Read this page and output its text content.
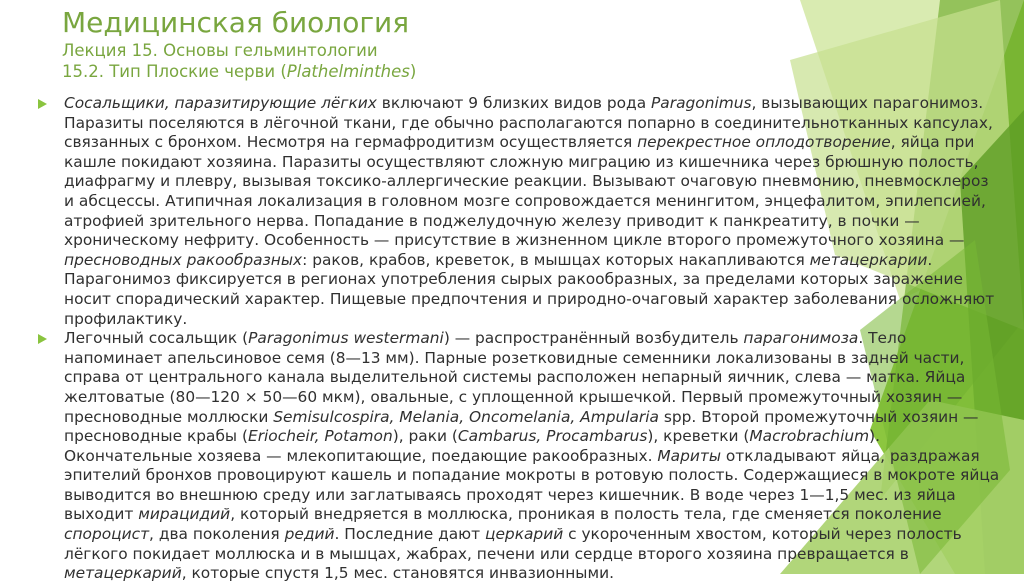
Медицинская биология
Лекция 15. Основы гельминтологии
15.2. Тип Плоские черви (Plathelminthes)
Сосальщики, паразитирующие лёгких включают 9 близких видов рода Paragonimus, вызывающих парагонимоз. Паразиты поселяются в лёгочной ткани, где обычно располагаются попарно в соединительнотканных капсулах, связанных с бронхом. Несмотря на гермафродитизм осуществляется перекрестное оплодотворение, яйца при кашле покидают хозяина. Паразиты осуществляют сложную миграцию из кишечника через брюшную полость, диафрагму и плевру, вызывая токсико-аллергические реакции. Вызывают очаговую пневмонию, пневмосклероз и абсцессы. Атипичная локализация в головном мозге сопровождается менингитом, энцефалитом, эпилепсией, атрофией зрительного нерва. Попадание в поджелудочную железу приводит к панкреатиту, в почки — хроническому нефриту. Особенность — присутствие в жизненном цикле второго промежуточного хозяина — пресноводных ракообразных: раков, крабов, креветок, в мышцах которых накапливаются метацеркарии. Парагонимоз фиксируется в регионах употребления сырых ракообразных, за пределами которых заражение носит спорадический характер. Пищевые предпочтения и природно-очаговый характер заболевания осложняют профилактику.
Легочный сосальщик (Paragonimus westermani) — распространённый возбудитель парагонимоза. Тело напоминает апельсиновое семя (8—13 мм). Парные розетковидные семенники локализованы в задней части, справа от центрального канала выделительной системы расположен непарный яичник, слева — матка. Яйца желтоватые (80—120 × 50—60 мкм), овальные, с уплощенной крышечкой. Первый промежуточный хозяин — пресноводные моллюски Semisulcospira, Melania, Oncomelania, Ampularia spp. Второй промежуточный хозяин — пресноводные крабы (Eriocheir, Potamon), раки (Cambarus, Procambarus), креветки (Macrobrachium). Окончательные хозяева — млекопитающие, поедающие ракообразных. Мариты откладывают яйца, раздражая эпителий бронхов провоцируют кашель и попадание мокроты в ротовую полость. Содержащиеся в мокроте яйца выводится во внешнюю среду или заглатываясь проходят через кишечник. В воде через 1—1,5 мес. из яйца выходит мирацидий, который внедряется в моллюска, проникая в полость тела, где сменяется поколение спороцист, два поколения редий. Последние дают церкарий с укороченным хвостом, который через полость лёгкого покидает моллюска и в мышцах, жабрах, печени или сердце второго хозяина превращается в метацеркарий, которые спустя 1,5 мес. становятся инвазионными.
